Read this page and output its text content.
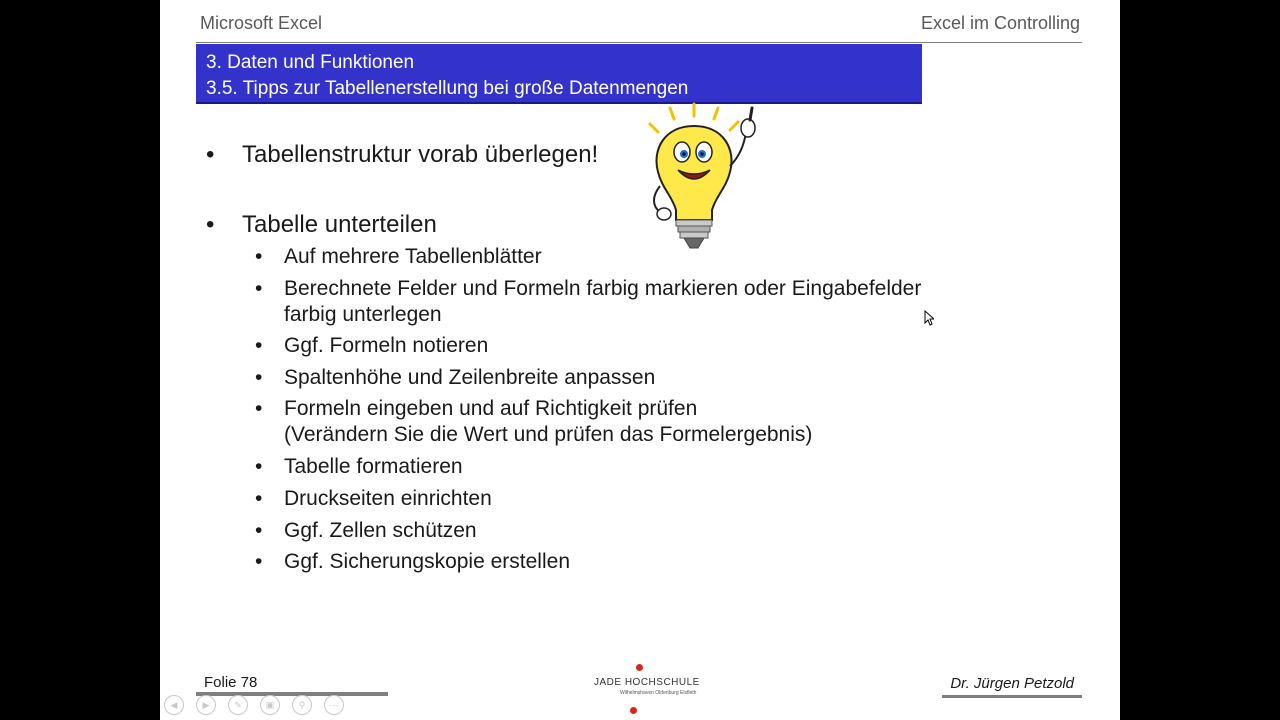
Microsoft Excel	Excel im Controlling
3. Daten und Funktionen
3.5. Tipps zur Tabellenerstellung bei große Datenmengen
• Tabellenstruktur vorab überlegen!
• Tabelle unterteilen
• Auf mehrere Tabellenblätter
• Berechnete Felder und Formeln farbig markieren oder Eingabefelder
farbig unterlegen
• Ggf. Formeln notieren
• Spaltenhöhe und Zeilenbreite anpassen
• Formeln eingeben und auf Richtigkeit prüfen
(Verändern Sie die Wert und prüfen das Formelergebnis)
• Tabelle formatieren
• Druckseiten einrichten
• Ggf. Zellen schützen
• Ggf. Sicherungskopie erstellen
Folie 78	JADE HOCHSCHULE
Wilhelmshaven Oldenburg Elsfleth
Dr. Jürgen Petzold
◀	▶	✎	▣	⚲	⋯
